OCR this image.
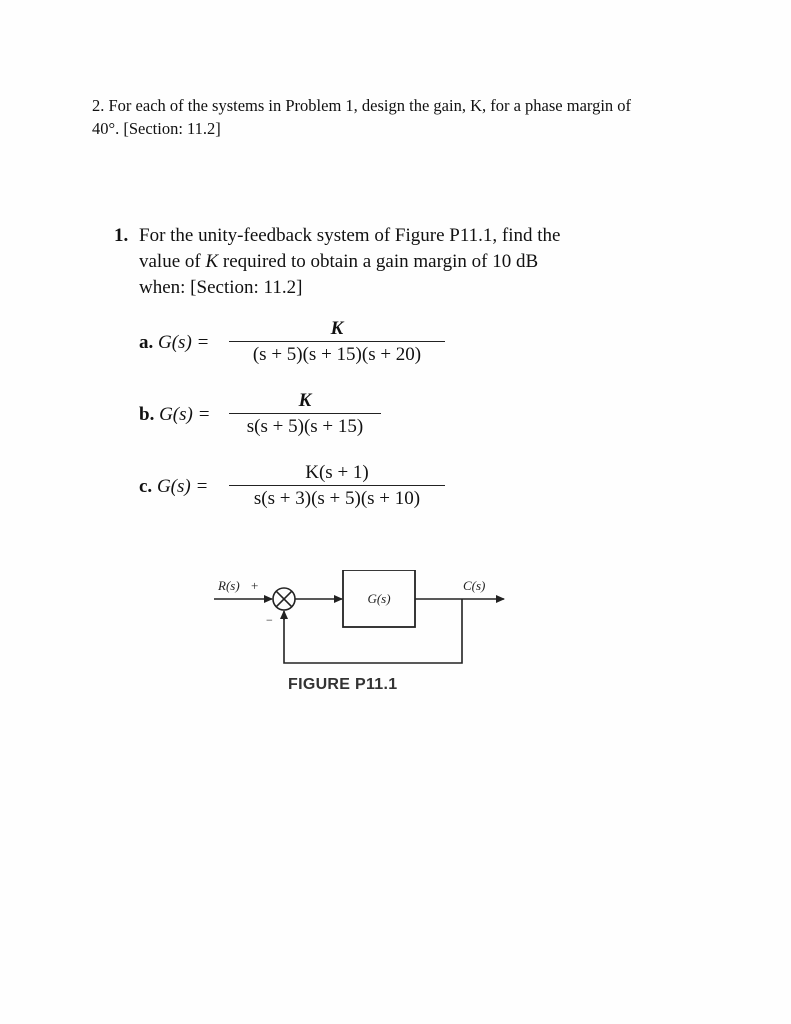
2. For each of the systems in Problem 1, design the gain, K, for a phase margin of
40°. [Section: 11.2]
1. For the unity-feedback system of Figure P11.1, find the
value of K required to obtain a gain margin of 10 dB
when: [Section: 11.2]
a. G(s) =
K
(s + 5)(s + 15)(s + 20)
b. G(s) =
K
s(s + 5)(s + 15)
c. G(s) =
K(s + 1)
s(s + 3)(s + 5)(s + 10)
R(s) +
−
G(s)
C(s)
FIGURE P11.1
